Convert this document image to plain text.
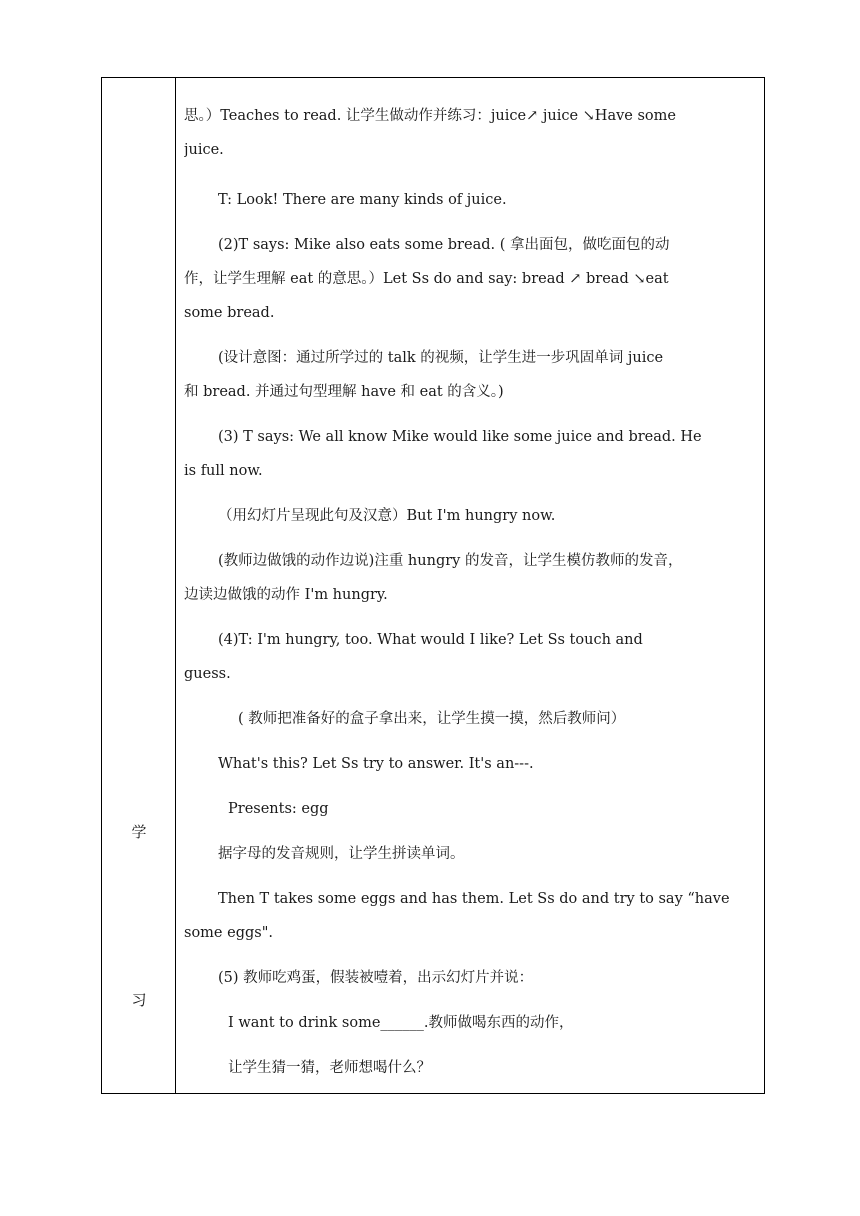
学
习
思。）Teaches to read. 让学生做动作并练习：juice↗ juice ↘Have some
juice.
T: Look! There are many kinds of juice.
(2)T says: Mike also eats some bread. ( 拿出面包，做吃面包的动
作，让学生理解 eat 的意思。）Let Ss do and say: bread ↗ bread ↘eat
some bread.
(设计意图：通过所学过的 talk 的视频，让学生进一步巩固单词 juice
和 bread. 并通过句型理解 have 和 eat 的含义。)
(3) T says: We all know Mike would like some juice and bread. He
is full now.
（用幻灯片呈现此句及汉意）But I'm hungry now.
(教师边做饿的动作边说)注重 hungry 的发音，让学生模仿教师的发音，
边读边做饿的动作 I'm hungry.
(4)T: I'm hungry, too. What would I like? Let Ss touch and
guess.
( 教师把准备好的盒子拿出来，让学生摸一摸，然后教师问）
What's this? Let Ss try to answer. It's an---.
Presents: egg
据字母的发音规则，让学生拼读单词。
Then T takes some eggs and has them. Let Ss do and try to say “have
some eggs".
(5) 教师吃鸡蛋，假装被噎着，出示幻灯片并说：
I want to drink some______.教师做喝东西的动作，
让学生猜一猜，老师想喝什么？
